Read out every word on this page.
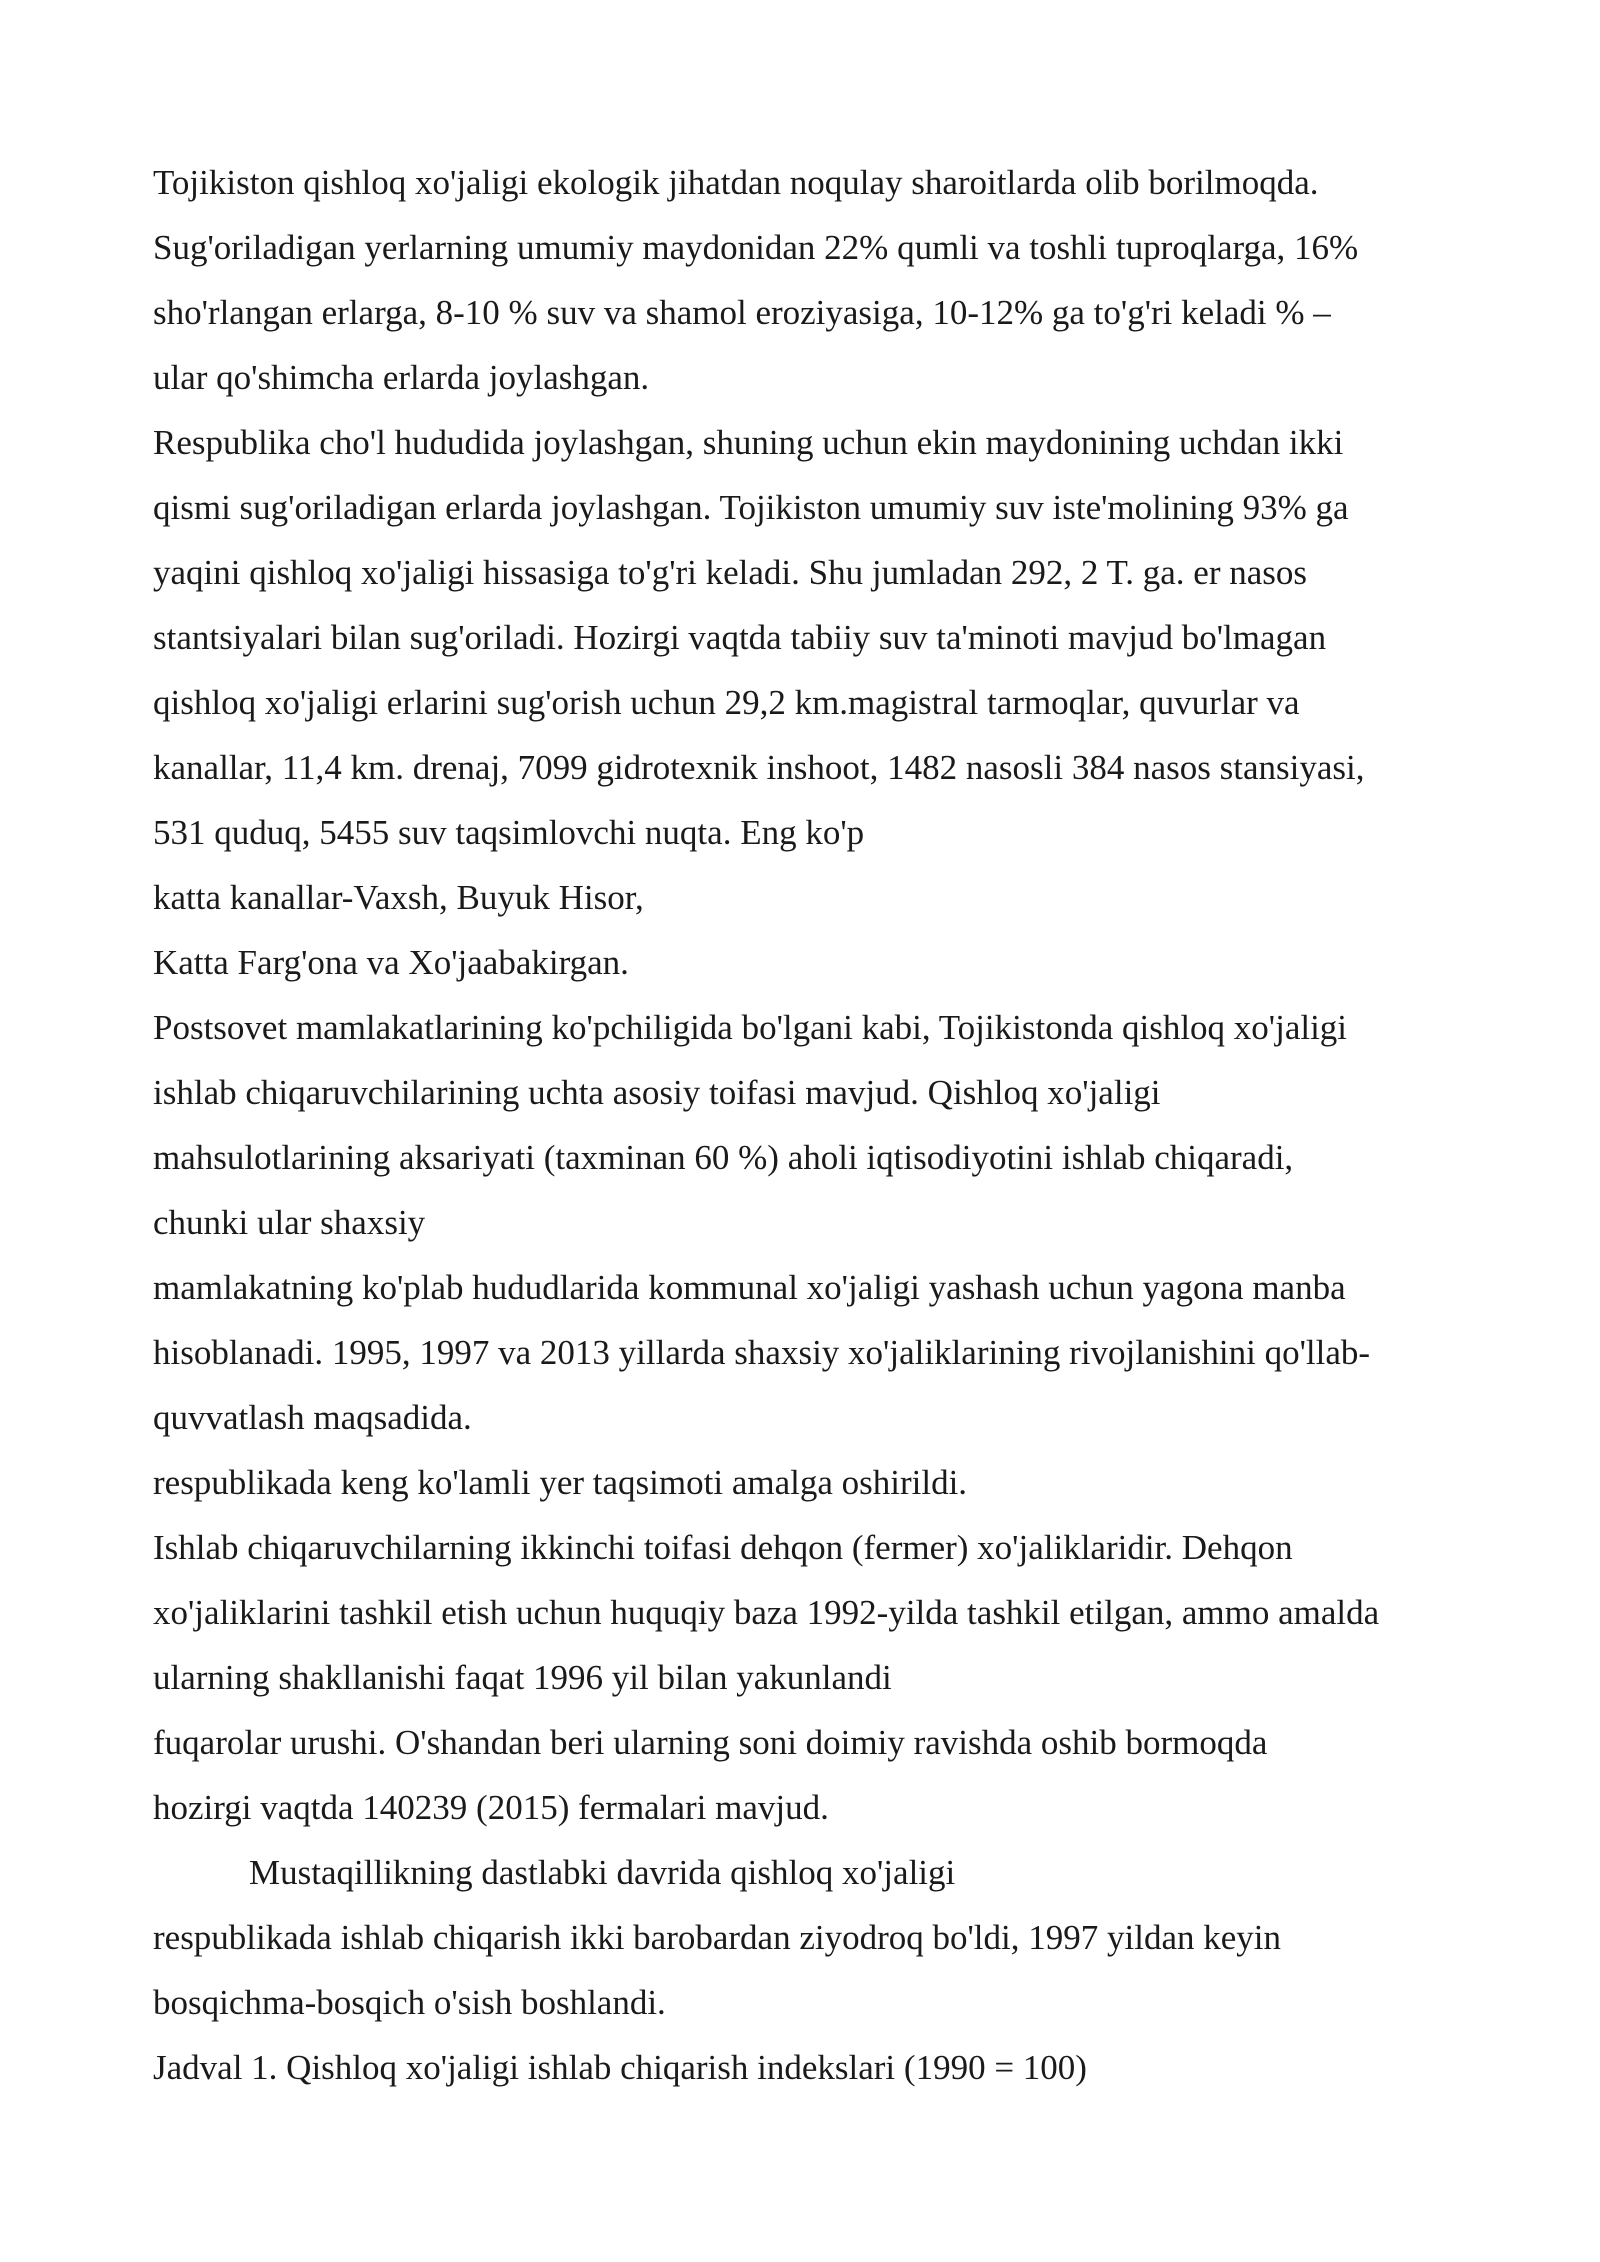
Tojikiston qishloq xo'jaligi ekologik jihatdan noqulay sharoitlarda olib borilmoqda.
Sug'oriladigan yerlarning umumiy maydonidan 22% qumli va toshli tuproqlarga, 16%
sho'rlangan erlarga, 8-10 % suv va shamol eroziyasiga, 10-12% ga to'g'ri keladi % –
ular qo'shimcha erlarda joylashgan.
Respublika cho'l hududida joylashgan, shuning uchun ekin maydonining uchdan ikki
qismi sug'oriladigan erlarda joylashgan. Tojikiston umumiy suv iste'molining 93% ga
yaqini qishloq xo'jaligi hissasiga to'g'ri keladi. Shu jumladan 292, 2 T. ga. er nasos
stantsiyalari bilan sug'oriladi. Hozirgi vaqtda tabiiy suv ta'minoti mavjud bo'lmagan
qishloq xo'jaligi erlarini sug'orish uchun 29,2 km.magistral tarmoqlar, quvurlar va
kanallar, 11,4 km. drenaj, 7099 gidrotexnik inshoot, 1482 nasosli 384 nasos stansiyasi,
531 quduq, 5455 suv taqsimlovchi nuqta. Eng ko'p
katta kanallar-Vaxsh, Buyuk Hisor,
Katta Farg'ona va Xo'jaabakirgan.
Postsovet mamlakatlarining ko'pchiligida bo'lgani kabi, Tojikistonda qishloq xo'jaligi
ishlab chiqaruvchilarining uchta asosiy toifasi mavjud. Qishloq xo'jaligi
mahsulotlarining aksariyati (taxminan 60 %) aholi iqtisodiyotini ishlab chiqaradi,
chunki ular shaxsiy
mamlakatning ko'plab hududlarida kommunal xo'jaligi yashash uchun yagona manba
hisoblanadi. 1995, 1997 va 2013 yillarda shaxsiy xo'jaliklarining rivojlanishini qo'llab-
quvvatlash maqsadida.
respublikada keng ko'lamli yer taqsimoti amalga oshirildi.
Ishlab chiqaruvchilarning ikkinchi toifasi dehqon (fermer) xo'jaliklaridir. Dehqon
xo'jaliklarini tashkil etish uchun huquqiy baza 1992-yilda tashkil etilgan, ammo amalda
ularning shakllanishi faqat 1996 yil bilan yakunlandi
fuqarolar urushi. O'shandan beri ularning soni doimiy ravishda oshib bormoqda
hozirgi vaqtda 140239 (2015) fermalari mavjud.
Mustaqillikning dastlabki davrida qishloq xo'jaligi
respublikada ishlab chiqarish ikki barobardan ziyodroq bo'ldi, 1997 yildan keyin
bosqichma-bosqich o'sish boshlandi.
Jadval 1. Qishloq xo'jaligi ishlab chiqarish indekslari (1990 = 100)
